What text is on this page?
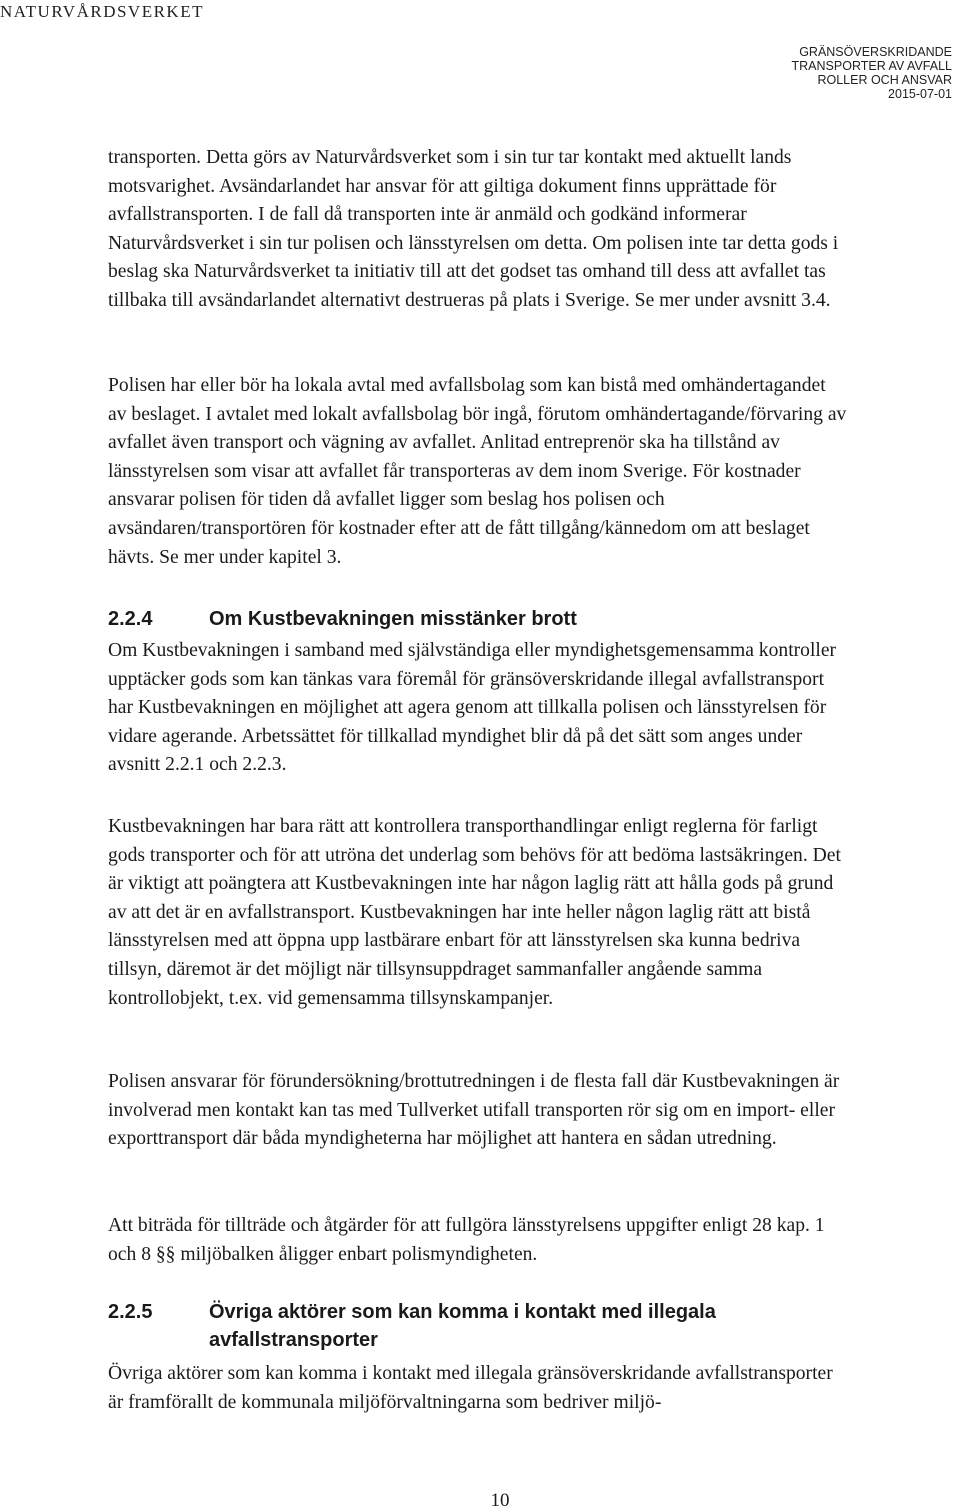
NATURVÅRDSVERKET
GRÄNSÖVERSKRIDANDE
TRANSPORTER AV AVFALL
ROLLER OCH ANSVAR
2015-07-01

transporten. Detta görs av Naturvårdsverket som i sin tur tar kontakt med aktuellt lands motsvarighet. Avsändarlandet har ansvar för att giltiga dokument finns upprättade för avfallstransporten. I de fall då transporten inte är anmäld och godkänd informerar Naturvårdsverket i sin tur polisen och länsstyrelsen om detta. Om polisen inte tar detta gods i beslag ska Naturvårdsverket ta initiativ till att det godset tas omhand till dess att avfallet tas tillbaka till avsändarlandet alternativt destrueras på plats i Sverige. Se mer under avsnitt 3.4.

Polisen har eller bör ha lokala avtal med avfallsbolag som kan bistå med omhändertagandet av beslaget. I avtalet med lokalt avfallsbolag bör ingå, förutom omhändertagande/förvaring av avfallet även transport och vägning av avfallet. Anlitad entreprenör ska ha tillstånd av länsstyrelsen som visar att avfallet får transporteras av dem inom Sverige. För kostnader ansvarar polisen för tiden då avfallet ligger som beslag hos polisen och avsändaren/transportören för kostnader efter att de fått tillgång/kännedom om att beslaget hävts. Se mer under kapitel 3.

2.2.4	Om Kustbevakningen misstänker brott

Om Kustbevakningen i samband med självständiga eller myndighetsgemensamma kontroller upptäcker gods som kan tänkas vara föremål för gränsöverskridande illegal avfallstransport har Kustbevakningen en möjlighet att agera genom att tillkalla polisen och länsstyrelsen för vidare agerande. Arbetssättet för tillkallad myndighet blir då på det sätt som anges under avsnitt 2.2.1 och 2.2.3.

Kustbevakningen har bara rätt att kontrollera transporthandlingar enligt reglerna för farligt gods transporter och för att utröna det underlag som behövs för att bedöma lastsäkringen. Det är viktigt att poängtera att Kustbevakningen inte har någon laglig rätt att hålla gods på grund av att det är en avfallstransport. Kustbevakningen har inte heller någon laglig rätt att bistå länsstyrelsen med att öppna upp lastbärare enbart för att länsstyrelsen ska kunna bedriva tillsyn, däremot är det möjligt när tillsynsuppdraget sammanfaller angående samma kontrollobjekt, t.ex. vid gemensamma tillsynskampanjer.

Polisen ansvarar för förundersökning/brottutredningen i de flesta fall där Kustbevakningen är involverad men kontakt kan tas med Tullverket utifall transporten rör sig om en import- eller exporttransport där båda myndigheterna har möjlighet att hantera en sådan utredning.

Att biträda för tillträde och åtgärder för att fullgöra länsstyrelsens uppgifter enligt 28 kap. 1 och 8 §§ miljöbalken åligger enbart polismyndigheten.

2.2.5	Övriga aktörer som kan komma i kontakt med illegala avfallstransporter

Övriga aktörer som kan komma i kontakt med illegala gränsöverskridande avfallstransporter är framförallt de kommunala miljöförvaltningarna som bedriver miljö-

10
